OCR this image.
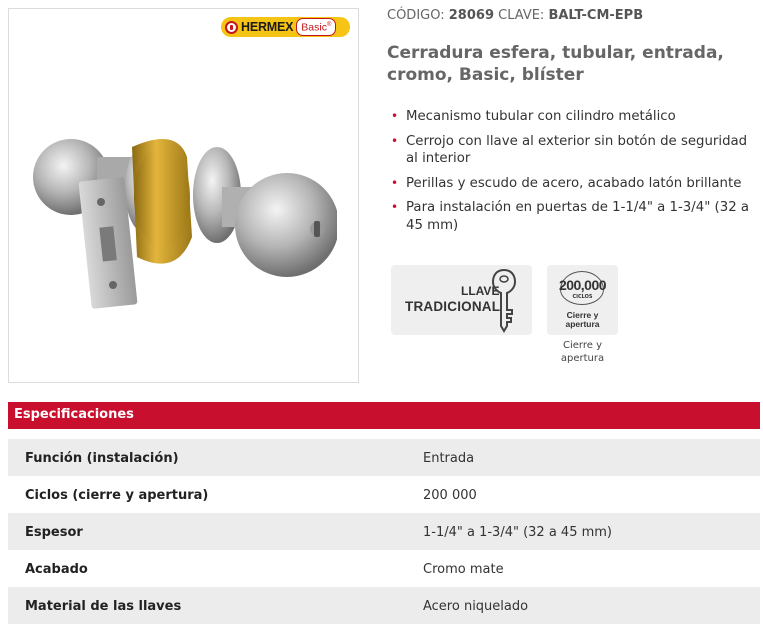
HERMEX Basic®
CÓDIGO: 28069 CLAVE: BALT-CM-EPB
Cerradura esfera, tubular, entrada, cromo, Basic, blíster
• Mecanismo tubular con cilindro metálico
• Cerrojo con llave al exterior sin botón de seguridad al interior
• Perillas y escudo de acero, acabado latón brillante
• Para instalación en puertas de 1-1/4" a 1-3/4" (32 a 45 mm)
LLAVE
TRADICIONAL
200,000
CICLOS
Cierre y
apertura
Cierre y
apertura
Especificaciones
Función (instalación)	Entrada
Ciclos (cierre y apertura)	200 000
Espesor	1-1/4" a 1-3/4" (32 a 45 mm)
Acabado	Cromo mate
Material de las llaves	Acero niquelado
